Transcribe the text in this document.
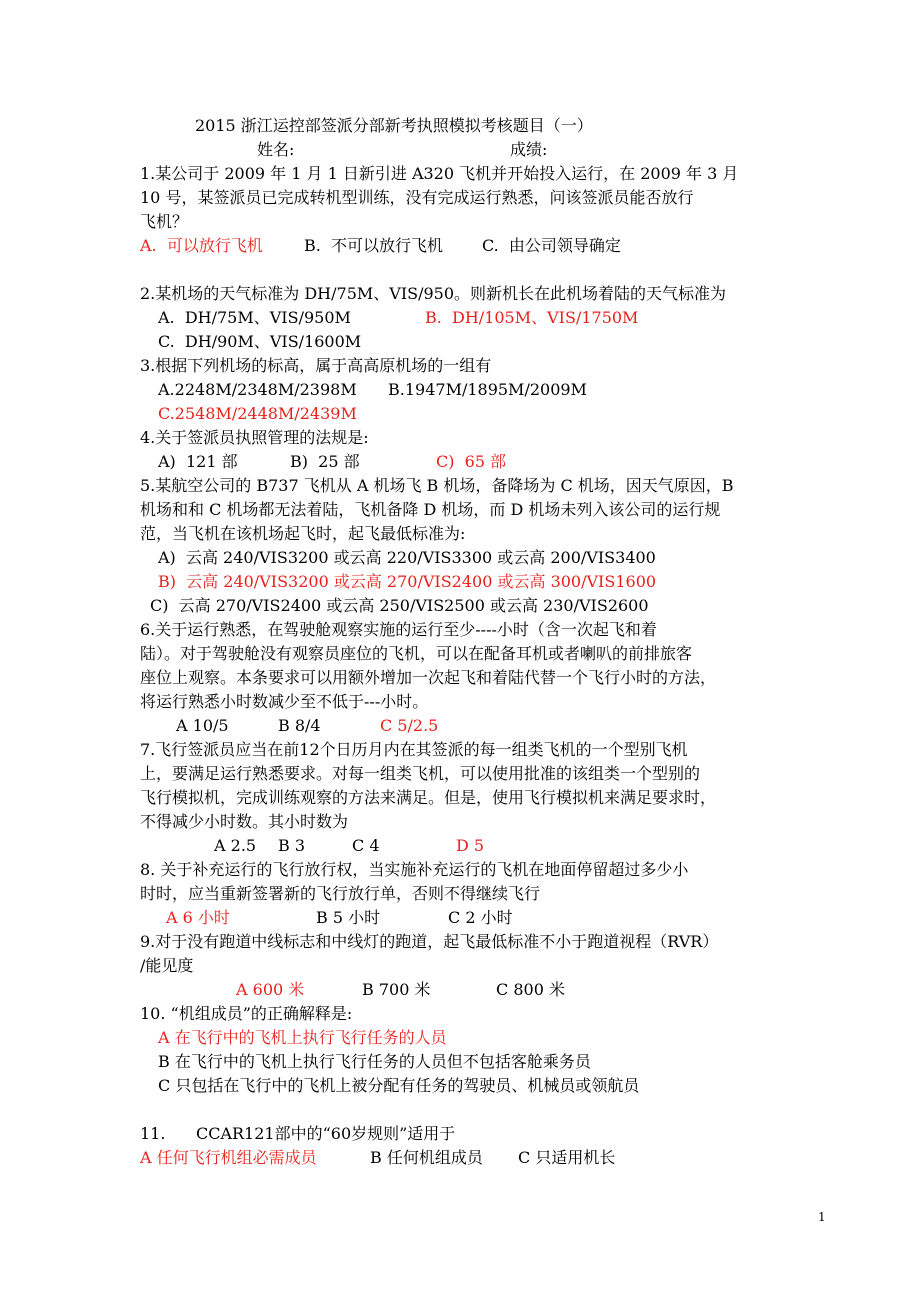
2015 浙江运控部签派分部新考执照模拟考核题目（一）
姓名:	成绩:
1.某公司于 2009 年 1 月 1 日新引进 A320 飞机并开始投入运行，在 2009 年 3 月
10 号，某签派员已完成转机型训练，没有完成运行熟悉，问该签派员能否放行
飞机？
A.  可以放行飞机	B.  不可以放行飞机 C.  由公司领导确定
2.某机场的天气标准为 DH/75M、VIS/950。则新机长在此机场着陆的天气标准为
A.  DH/75M、VIS/950M	B.  DH/105M、VIS/1750M
C.  DH/90M、VIS/1600M
3.根据下列机场的标高，属于高高原机场的一组有
A.2248M/2348M/2398M B.1947M/1895M/2009M
C.2548M/2448M/2439M
4.关于签派员执照管理的法规是:
A)  121 部	B)  25 部	C)  65 部
5.某航空公司的 B737 飞机从 A 机场飞 B 机场，备降场为 C 机场，因天气原因，B
机场和和 C 机场都无法着陆，飞机备降 D 机场，而 D 机场未列入该公司的运行规
范，当飞机在该机场起飞时，起飞最低标准为:
A)  云高 240/VIS3200 或云高 220/VIS3300 或云高 200/VIS3400
B)  云高 240/VIS3200 或云高 270/VIS2400 或云高 300/VIS1600
C)  云高 270/VIS2400 或云高 250/VIS2500 或云高 230/VIS2600
6.关于运行熟悉，在驾驶舱观察实施的运行至少----小时（含一次起飞和着
陆）。对于驾驶舱没有观察员座位的飞机，可以在配备耳机或者喇叭的前排旅客
座位上观察。本条要求可以用额外增加一次起飞和着陆代替一个飞行小时的方法，
将运行熟悉小时数减少至不低于---小时。
A 10/5	B 8/4	C 5/2.5
7.飞行签派员应当在前12个日历月内在其签派的每一组类飞机的一个型别飞机
上，要满足运行熟悉要求。对每一组类飞机，可以使用批准的该组类一个型别的
飞行模拟机，完成训练观察的方法来满足。但是，使用飞行模拟机来满足要求时，
不得减少小时数。其小时数为
A 2.5 B 3	C 4	D 5
8. 关于补充运行的飞行放行权，当实施补充运行的飞机在地面停留超过多少小
时时，应当重新签署新的飞行放行单，否则不得继续飞行
A 6 小时	B 5 小时	C 2 小时
9.对于没有跑道中线标志和中线灯的跑道，起飞最低标准不小于跑道视程（RVR）
/能见度
A 600 米	B 700 米	C 800 米
10. “机组成员”的正确解释是:
A 在飞行中的飞机上执行飞行任务的人员
B 在飞行中的飞机上执行飞行任务的人员但不包括客舱乘务员
C 只包括在飞行中的飞机上被分配有任务的驾驶员、机械员或领航员
11.      CCAR121部中的“60岁规则”适用于
A 任何飞行机组必需成员	B 任何机组成员 C 只适用机长
1
